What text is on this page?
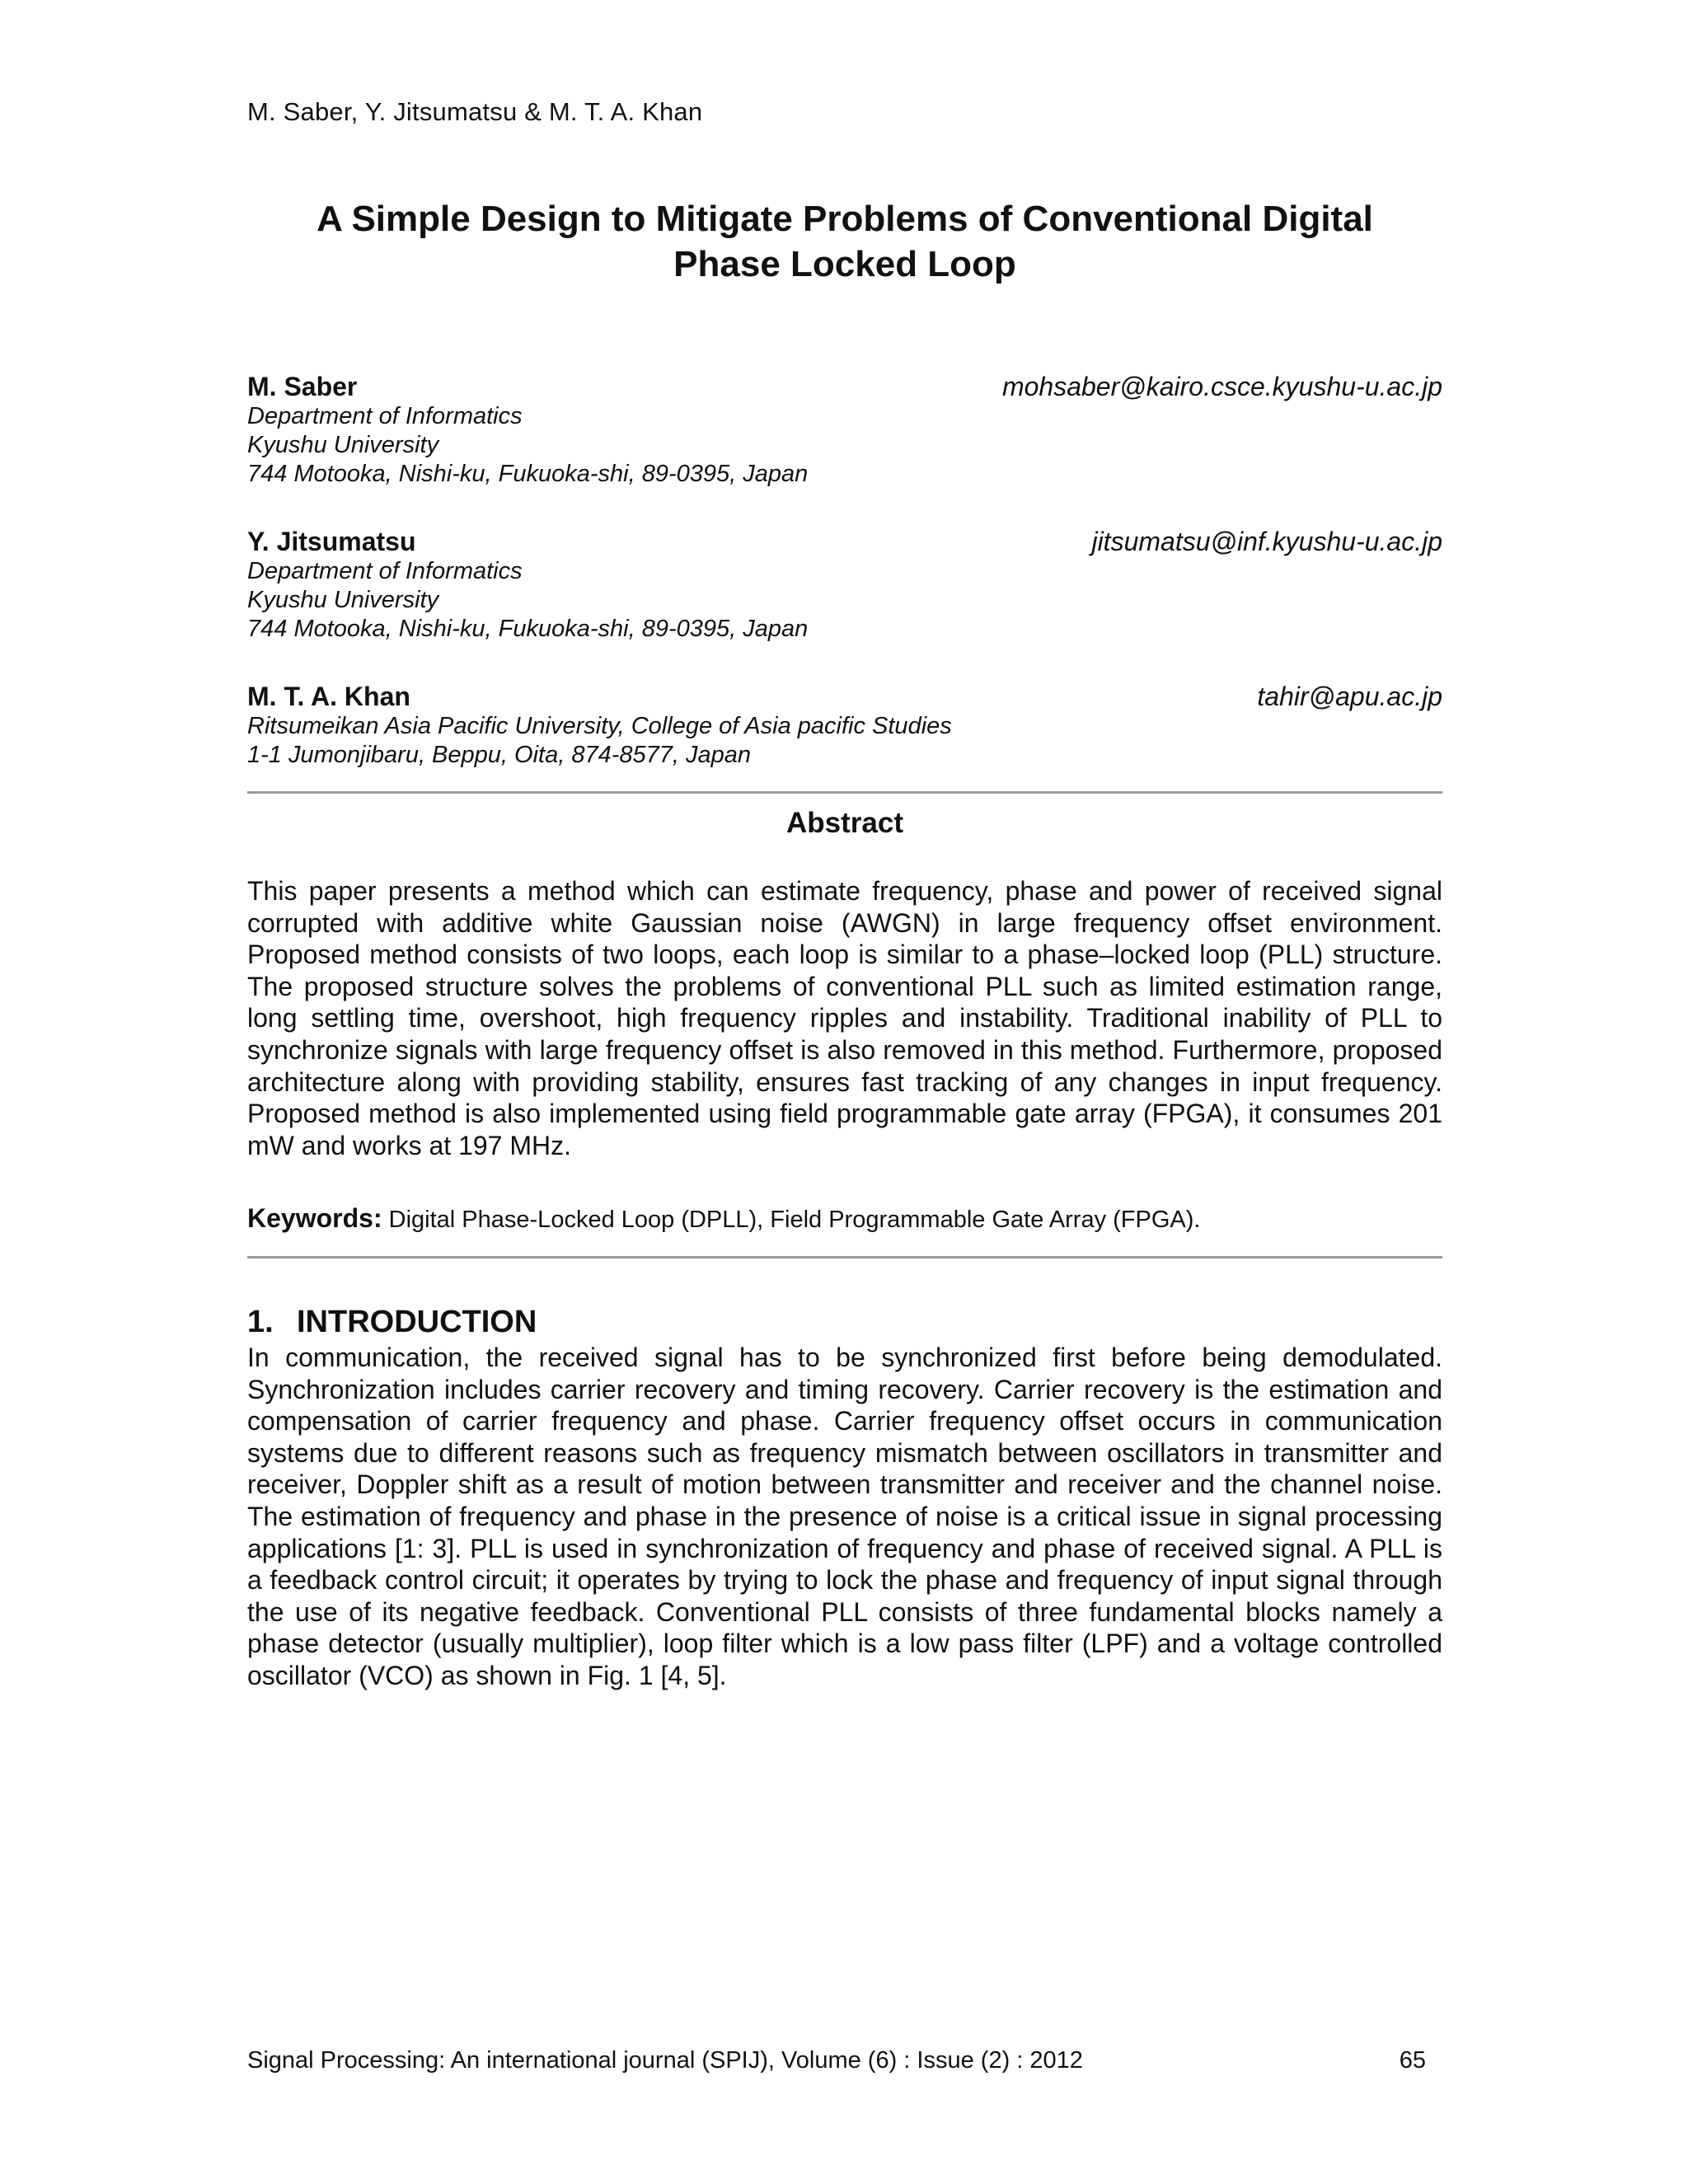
M. Saber, Y. Jitsumatsu & M. T. A. Khan
A Simple Design to Mitigate Problems of Conventional Digital
Phase Locked Loop
M. Saber	mohsaber@kairo.csce.kyushu-u.ac.jp
Department of Informatics
Kyushu University
744 Motooka, Nishi-ku, Fukuoka-shi, 89-0395, Japan
Y. Jitsumatsu	jitsumatsu@inf.kyushu-u.ac.jp
Department of Informatics
Kyushu University
744 Motooka, Nishi-ku, Fukuoka-shi, 89-0395, Japan
M. T. A. Khan	tahir@apu.ac.jp
Ritsumeikan Asia Pacific University, College of Asia pacific Studies
1-1 Jumonjibaru, Beppu, Oita, 874-8577, Japan
Abstract
This paper presents a method which can estimate frequency, phase and power of received signal corrupted with additive white Gaussian noise (AWGN) in large frequency offset environment. Proposed method consists of two loops, each loop is similar to a phase–locked loop (PLL) structure. The proposed structure solves the problems of conventional PLL such as limited estimation range, long settling time, overshoot, high frequency ripples and instability. Traditional inability of PLL to synchronize signals with large frequency offset is also removed in this method. Furthermore, proposed architecture along with providing stability, ensures fast tracking of any changes in input frequency. Proposed method is also implemented using field programmable gate array (FPGA), it consumes 201 mW and works at 197 MHz.
Keywords: Digital Phase-Locked Loop (DPLL), Field Programmable Gate Array (FPGA).
1. INTRODUCTION
In communication, the received signal has to be synchronized first before being demodulated. Synchronization includes carrier recovery and timing recovery. Carrier recovery is the estimation and compensation of carrier frequency and phase. Carrier frequency offset occurs in communication systems due to different reasons such as frequency mismatch between oscillators in transmitter and receiver, Doppler shift as a result of motion between transmitter and receiver and the channel noise. The estimation of frequency and phase in the presence of noise is a critical issue in signal processing applications [1: 3]. PLL is used in synchronization of frequency and phase of received signal. A PLL is a feedback control circuit; it operates by trying to lock the phase and frequency of input signal through the use of its negative feedback. Conventional PLL consists of three fundamental blocks namely a phase detector (usually multiplier), loop filter which is a low pass filter (LPF) and a voltage controlled oscillator (VCO) as shown in Fig. 1 [4, 5].
Signal Processing: An international journal (SPIJ), Volume (6) : Issue (2) : 2012	65
